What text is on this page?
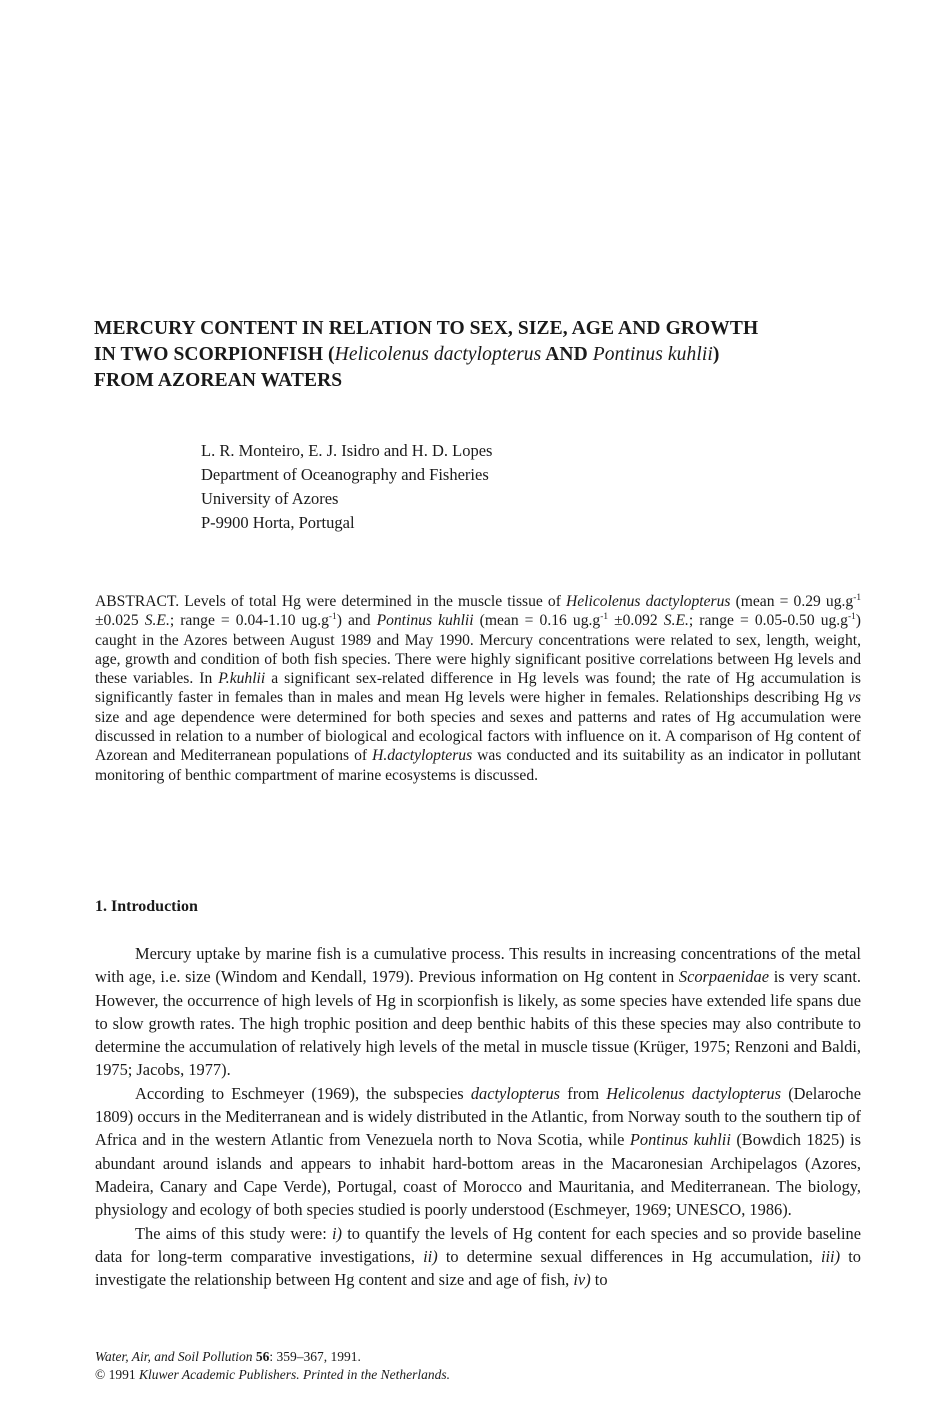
MERCURY CONTENT IN RELATION TO SEX, SIZE, AGE AND GROWTH
IN TWO SCORPIONFISH (Helicolenus dactylopterus AND Pontinus kuhlii)
FROM AZOREAN WATERS
L. R. Monteiro, E. J. Isidro and H. D. Lopes
Department of Oceanography and Fisheries
University of Azores
P-9900 Horta, Portugal

ABSTRACT. Levels of total Hg were determined in the muscle tissue of Helicolenus dactylopterus (mean = 0.29 $ug.g^{-1} \pm 0.025$ S.E.; range = 0.04-1.10 $ug.g^{-1}$) and Pontinus kuhlii (mean = 0.16 $ug.g^{-1} \pm 0.092$ S.E.; range = 0.05-0.50 $ug.g^{-1}$) caught in the Azores between August 1989 and May 1990. Mercury concentrations were related to sex, length, weight, age, growth and condition of both fish species. There were highly significant positive correlations between Hg levels and these variables. In P.kuhlii a significant sex-related difference in Hg levels was found; the rate of Hg accumulation is significantly faster in females than in males and mean Hg levels were higher in females. Relationships describing Hg vs size and age dependence were determined for both species and sexes and patterns and rates of Hg accumulation were discussed in relation to a number of biological and ecological factors with influence on it. A comparison of Hg content of Azorean and Mediterranean populations of H.dactylopterus was conducted and its suitability as an indicator in pollutant monitoring of benthic compartment of marine ecosystems is discussed.

1. Introduction

Mercury uptake by marine fish is a cumulative process. This results in increasing concentrations of the metal with age, i.e. size (Windom and Kendall, 1979). Previous information on Hg content in Scorpaenidae is very scant. However, the occurrence of high levels of Hg in scorpionfish is likely, as some species have extended life spans due to slow growth rates. The high trophic position and deep benthic habits of this these species may also contribute to determine the accumulation of relatively high levels of the metal in muscle tissue (Krüger, 1975; Renzoni and Baldi, 1975; Jacobs, 1977).

According to Eschmeyer (1969), the subspecies dactylopterus from Helicolenus dactylopterus (Delaroche 1809) occurs in the Mediterranean and is widely distributed in the Atlantic, from Norway south to the southern tip of Africa and in the western Atlantic from Venezuela north to Nova Scotia, while Pontinus kuhlii (Bowdich 1825) is abundant around islands and appears to inhabit hard-bottom areas in the Macaronesian Archipelagos (Azores, Madeira, Canary and Cape Verde), Portugal, coast of Morocco and Mauritania, and Mediterranean. The biology, physiology and ecology of both species studied is poorly understood (Eschmeyer, 1969; UNESCO, 1986).

The aims of this study were: i) to quantify the levels of Hg content for each species and so provide baseline data for long-term comparative investigations, ii) to determine sexual differences in Hg accumulation, iii) to investigate the relationship between Hg content and size and age of fish, iv) to

Water, Air, and Soil Pollution 56: 359–367, 1991.
© 1991 Kluwer Academic Publishers. Printed in the Netherlands.
